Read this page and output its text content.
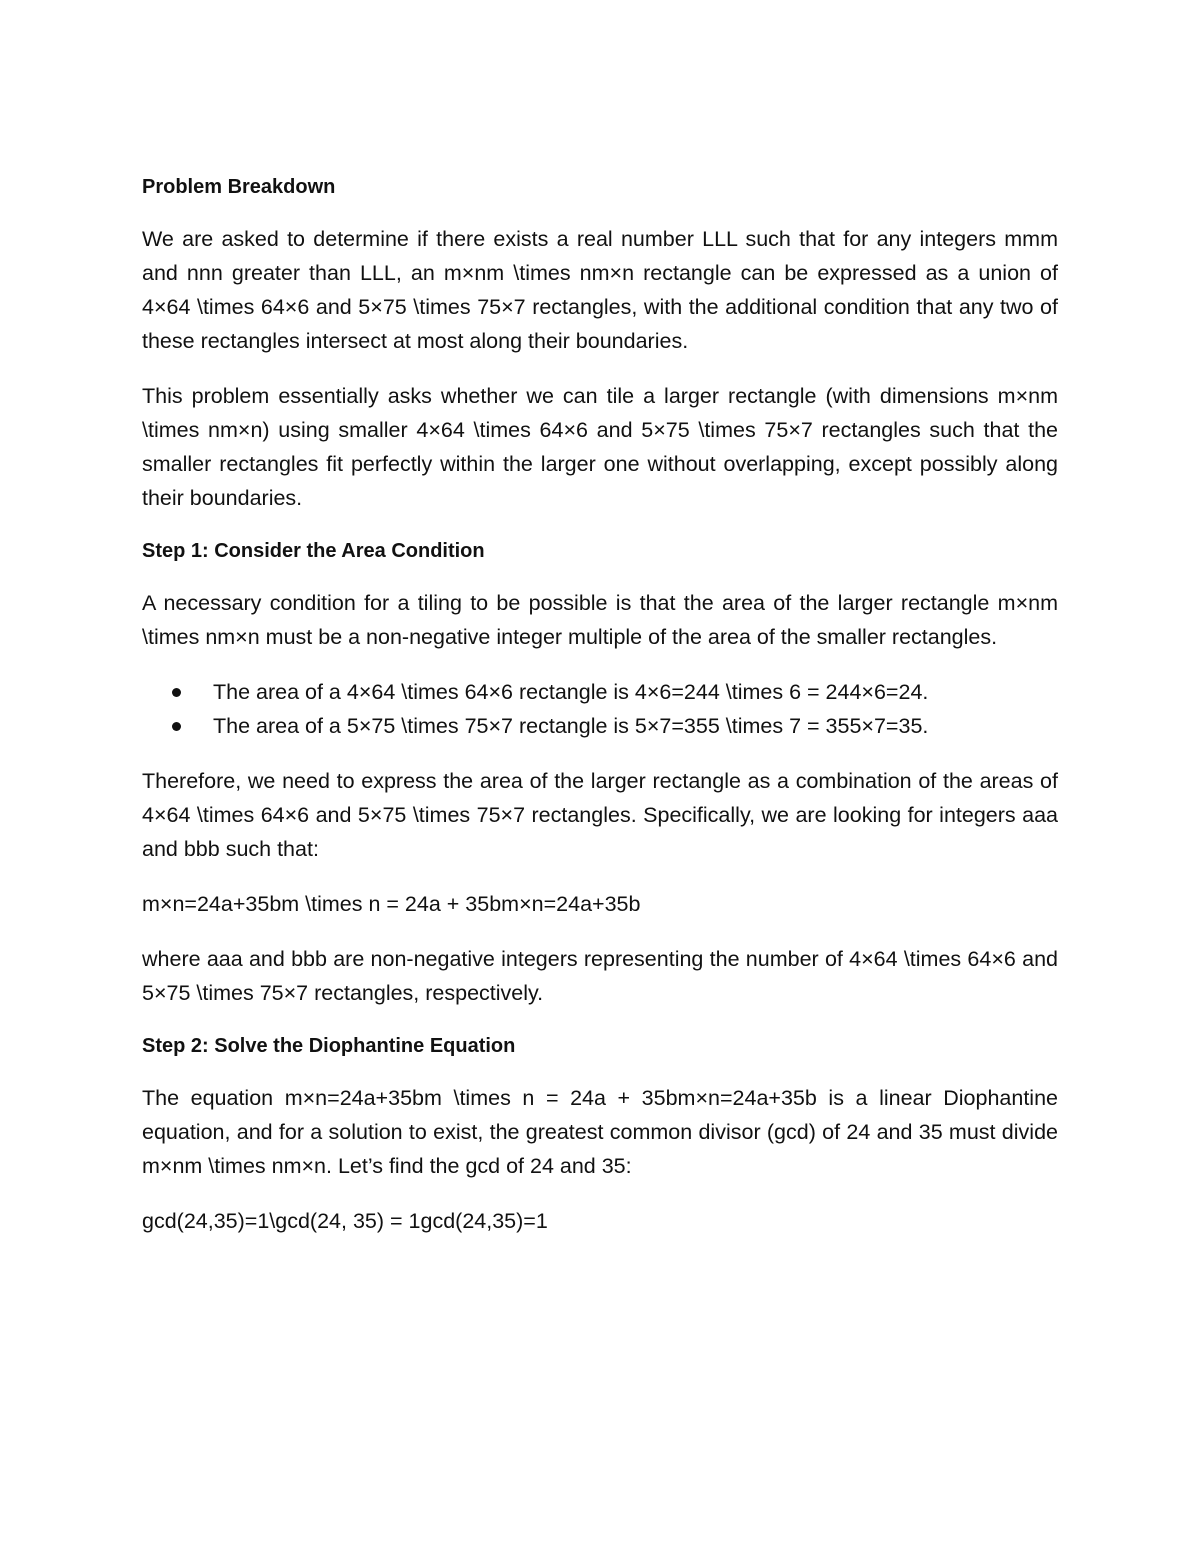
Problem Breakdown

We are asked to determine if there exists a real number LLL such that for any integers mmm and nnn greater than LLL, an m×nm \times nm×n rectangle can be expressed as a union of 4×64 \times 64×6 and 5×75 \times 75×7 rectangles, with the additional condition that any two of these rectangles intersect at most along their boundaries.

This problem essentially asks whether we can tile a larger rectangle (with dimensions m×nm \times nm×n) using smaller 4×64 \times 64×6 and 5×75 \times 75×7 rectangles such that the smaller rectangles fit perfectly within the larger one without overlapping, except possibly along their boundaries.

Step 1: Consider the Area Condition

A necessary condition for a tiling to be possible is that the area of the larger rectangle m×nm \times nm×n must be a non-negative integer multiple of the area of the smaller rectangles.

The area of a 4×64 \times 64×6 rectangle is 4×6=244 \times 6 = 244×6=24.
The area of a 5×75 \times 75×7 rectangle is 5×7=355 \times 7 = 355×7=35.

Therefore, we need to express the area of the larger rectangle as a combination of the areas of 4×64 \times 64×6 and 5×75 \times 75×7 rectangles. Specifically, we are looking for integers aaa and bbb such that:

m×n=24a+35bm \times n = 24a + 35bm×n=24a+35b

where aaa and bbb are non-negative integers representing the number of 4×64 \times 64×6 and 5×75 \times 75×7 rectangles, respectively.

Step 2: Solve the Diophantine Equation

The equation m×n=24a+35bm \times n = 24a + 35bm×n=24a+35b is a linear Diophantine equation, and for a solution to exist, the greatest common divisor (gcd) of 24 and 35 must divide m×nm \times nm×n. Let’s find the gcd of 24 and 35:

gcd(24,35)=1\gcd(24, 35) = 1gcd(24,35)=1
